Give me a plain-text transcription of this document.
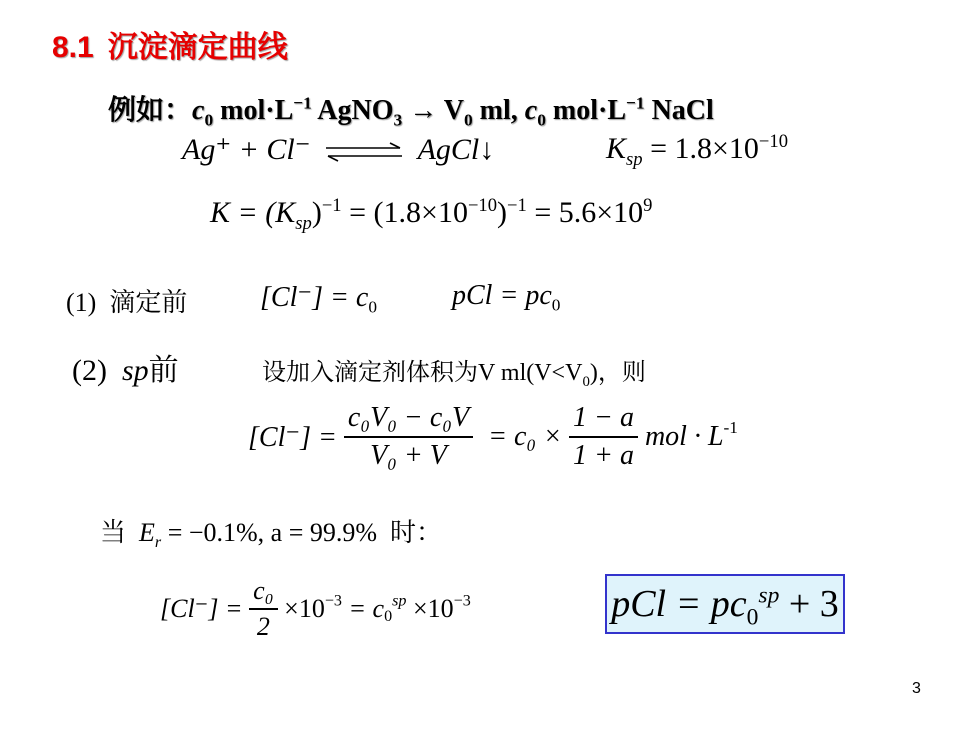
8.1 沉淀滴定曲线
例如：$c_0$ $mol\cdot L^{-1}$ AgNO$_3$ → $V_0$ ml, $c_0$ $mol\cdot L^{-1}$ NaCl
Ag⁺ + Cl⁻ ⇌ AgCl↓	$K_{sp} = 1.8\times 10^{-10}$
$K = (K_{sp})^{-1} = (1.8\times 10^{-10})^{-1} = 5.6\times 10^9$
(1) 滴定前	$[Cl^-] = c_0$	pCl = $pc_0$
(2) sp前	设加入滴定剂体积为V $ml(V<V_0)$，则
$[Cl^-] = \frac{\text{c₀V₀ − c₀V}}{\text{V₀ + V}} = c_0 \times \frac{1 - a}{1 + a}$ mol · $L^{-1}$
当 $E_r = -0.1\%$, a = 99.9% 时：
$[Cl^-] = \frac{\text{c₀}}{2} \times 10^{-3} = c_0^{sp} \times 10^{-3}$	pCl = $pc_0^{sp} + 3$
3
